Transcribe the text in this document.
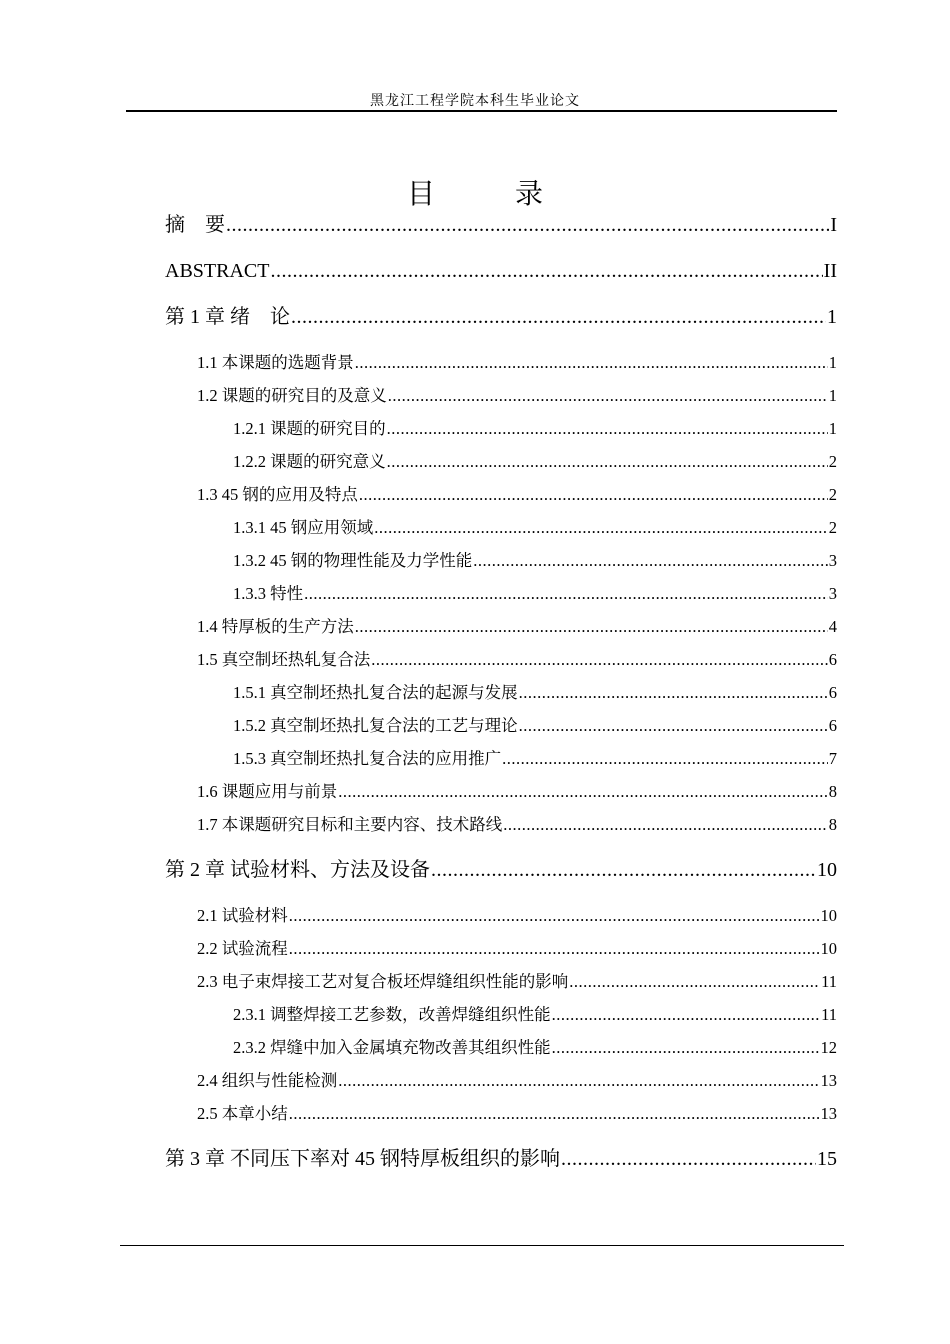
黑龙江工程学院本科生毕业论文
目　录
摘　要 .....	I
ABSTRACT .....	II
第 1 章 绪　论 .....	1
1.1 本课题的选题背景 .....	1
1.2 课题的研究目的及意义 .....	1
1.2.1 课题的研究目的 .....	1
1.2.2 课题的研究意义 .....	2
1.3 45 钢的应用及特点 .....	2
1.3.1 45 钢应用领域 .....	2
1.3.2 45 钢的物理性能及力学性能 .....	3
1.3.3 特性 .....	3
1.4 特厚板的生产方法 .....	4
1.5 真空制坯热轧复合法 .....	6
1.5.1 真空制坯热扎复合法的起源与发展 .....	6
1.5.2 真空制坯热扎复合法的工艺与理论 .....	6
1.5.3 真空制坯热扎复合法的应用推广 .....	7
1.6 课题应用与前景 .....	8
1.7 本课题研究目标和主要内容、技术路线 .....	8
第 2 章 试验材料、方法及设备 .....	10
2.1 试验材料 .....	10
2.2 试验流程 .....	10
2.3 电子束焊接工艺对复合板坯焊缝组织性能的影响 .....	11
2.3.1 调整焊接工艺参数，改善焊缝组织性能 .....	11
2.3.2 焊缝中加入金属填充物改善其组织性能 .....	12
2.4 组织与性能检测 .....	13
2.5 本章小结 .....	13
第 3 章 不同压下率对 45 钢特厚板组织的影响 .....	15
